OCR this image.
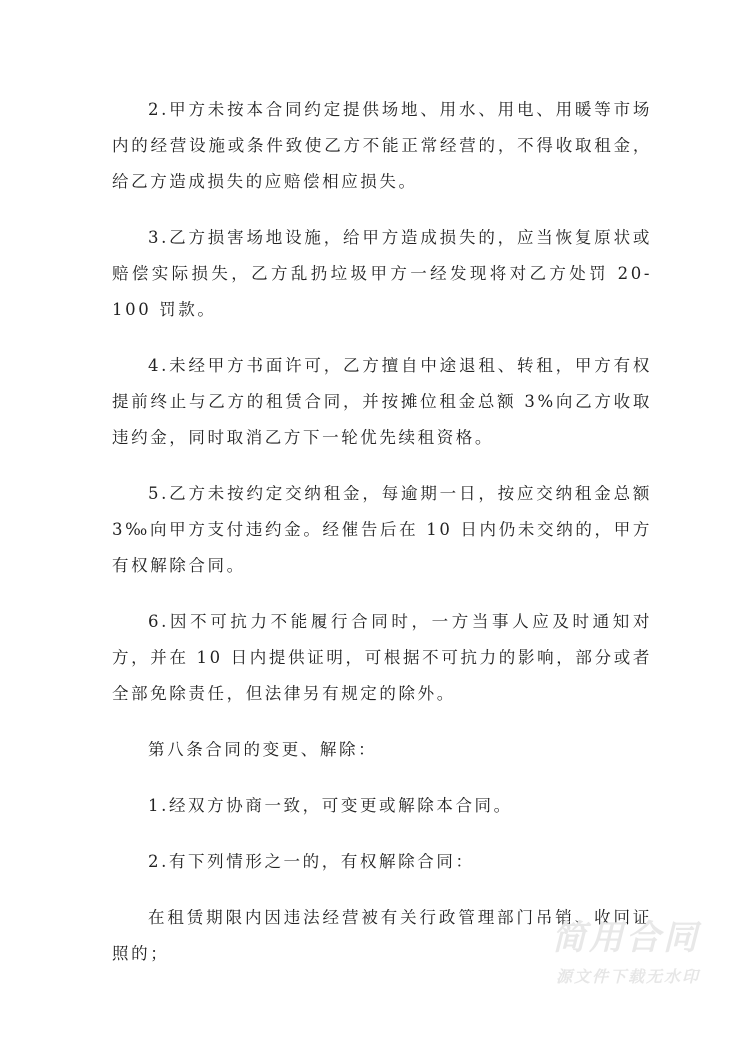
2.甲方未按本合同约定提供场地、用水、用电、用暖等市场内的经营设施或条件致使乙方不能正常经营的，不得收取租金，给乙方造成损失的应赔偿相应损失。

3.乙方损害场地设施，给甲方造成损失的，应当恢复原状或赔偿实际损失，乙方乱扔垃圾甲方一经发现将对乙方处罚 20-100 罚款。

4.未经甲方书面许可，乙方擅自中途退租、转租，甲方有权提前终止与乙方的租赁合同，并按摊位租金总额 3%向乙方收取违约金，同时取消乙方下一轮优先续租资格。

5.乙方未按约定交纳租金，每逾期一日，按应交纳租金总额 3‰向甲方支付违约金。经催告后在 10 日内仍未交纳的，甲方有权解除合同。

6.因不可抗力不能履行合同时，一方当事人应及时通知对方，并在 10 日内提供证明，可根据不可抗力的影响，部分或者全部免除责任，但法律另有规定的除外。

第八条合同的变更、解除：

1.经双方协商一致，可变更或解除本合同。

2.有下列情形之一的，有权解除合同：

在租赁期限内因违法经营被有关行政管理部门吊销、收回证照的；	简用合同
源文件下载无水印
